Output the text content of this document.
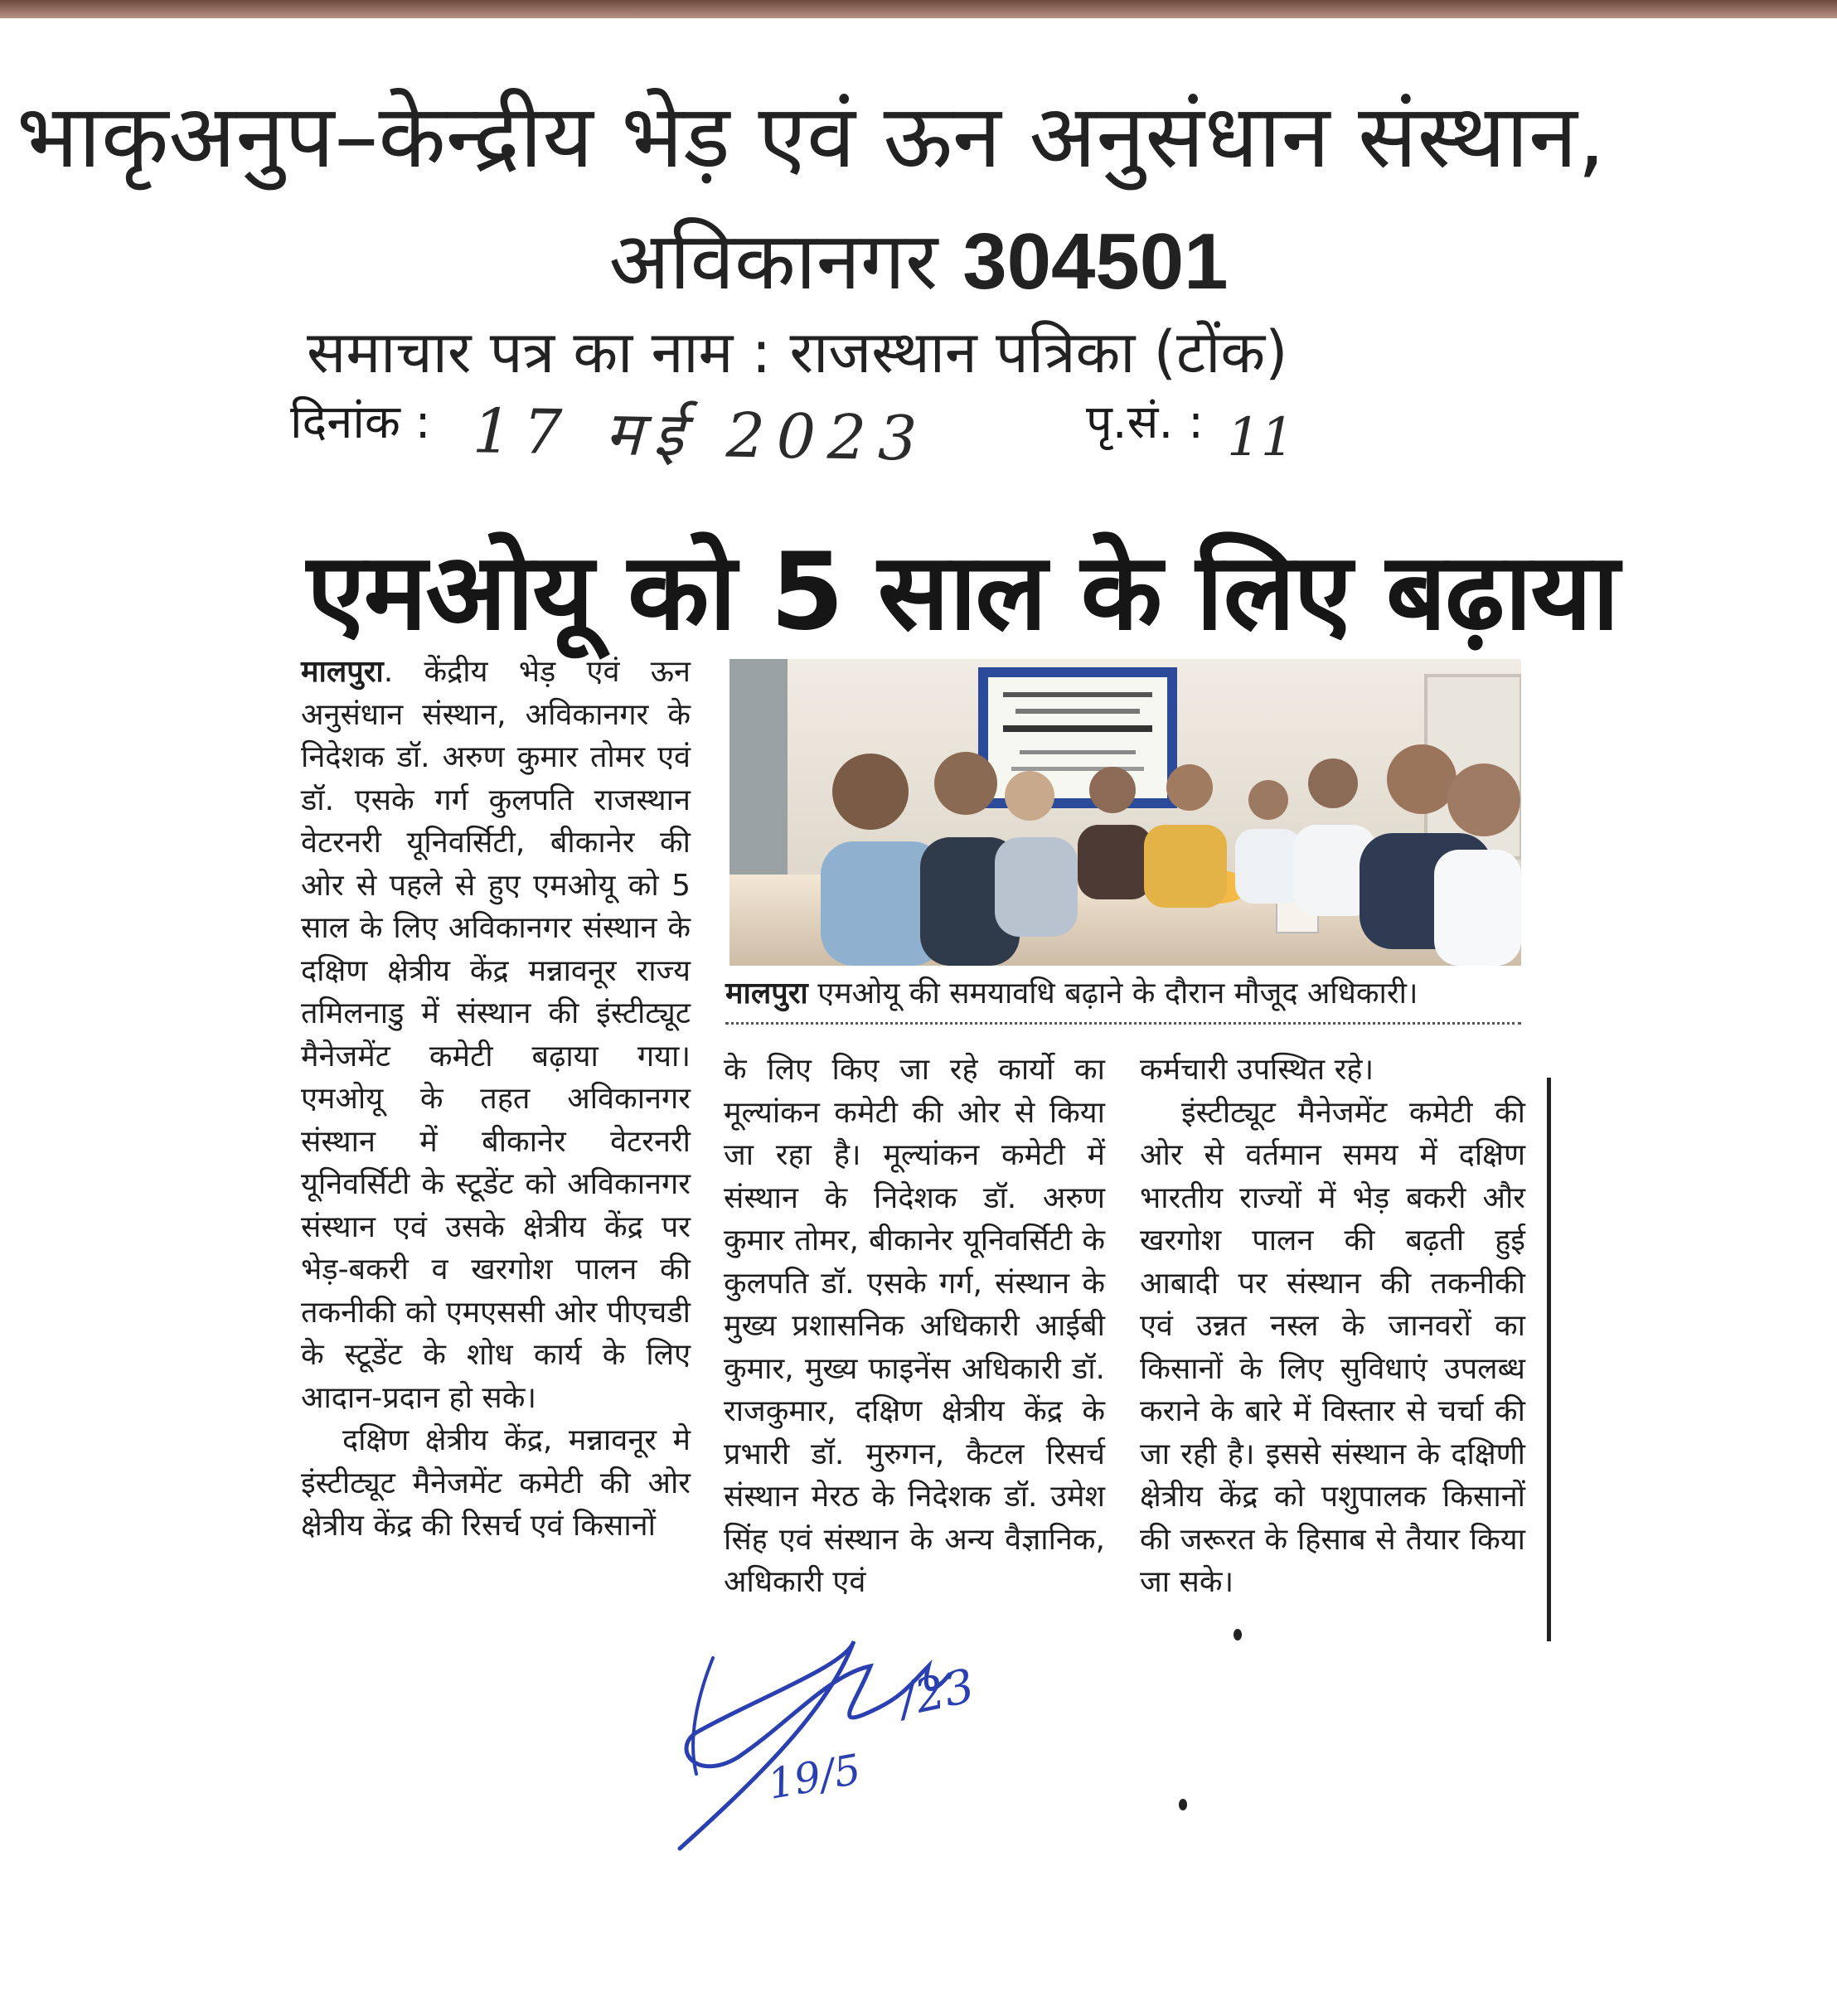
भाकृअनुप–केन्द्रीय भेड़ एवं ऊन अनुसंधान संस्थान,
अविकानगर 304501
समाचार पत्र का नाम : राजस्थान पत्रिका (टोंक)
दिनांक : 17 मई 2023	पृ.सं. : 11
एमओयू को 5 साल के लिए बढ़ाया

मालपुरा. केंद्रीय भेड़ एवं ऊन अनुसंधान संस्थान, अविकानगर के निदेशक डॉ. अरुण कुमार तोमर एवं डॉ. एसके गर्ग कुलपति राजस्थान वेटरनरी यूनिवर्सिटी, बीकानेर की ओर से पहले से हुए एमओयू को 5 साल के लिए अविकानगर संस्थान के दक्षिण क्षेत्रीय केंद्र मन्नावनूर राज्य तमिलनाडु में संस्थान की इंस्टीट्यूट मैनेजमेंट कमेटी बढ़ाया गया। एमओयू के तहत अविकानगर संस्थान में बीकानेर वेटरनरी यूनिवर्सिटी के स्टूडेंट को अविकानगर संस्थान एवं उसके क्षेत्रीय केंद्र पर भेड़-बकरी व खरगोश पालन की तकनीकी को एमएससी ओर पीएचडी के स्टूडेंट के शोध कार्य के लिए आदान-प्रदान हो सके।

दक्षिण क्षेत्रीय केंद्र, मन्नावनूर मे इंस्टीट्यूट मैनेजमेंट कमेटी की ओर क्षेत्रीय केंद्र की रिसर्च एवं किसानों

मालपुरा एमओयू की समयावधि बढ़ाने के दौरान मौजूद अधिकारी।

के लिए किए जा रहे कार्यो का मूल्यांकन कमेटी की ओर से किया जा रहा है। मूल्यांकन कमेटी में संस्थान के निदेशक डॉ. अरुण कुमार तोमर, बीकानेर यूनिवर्सिटी के कुलपति डॉ. एसके गर्ग, संस्थान के मुख्य प्रशासनिक अधिकारी आईबी कुमार, मुख्य फाइनेंस अधिकारी डॉ. राजकुमार, दक्षिण क्षेत्रीय केंद्र के प्रभारी डॉ. मुरुगन, कैटल रिसर्च संस्थान मेरठ के निदेशक डॉ. उमेश सिंह एवं संस्थान के अन्य वैज्ञानिक, अधिकारी एवं

कर्मचारी उपस्थित रहे।

इंस्टीट्यूट मैनेजमेंट कमेटी की ओर से वर्तमान समय में दक्षिण भारतीय राज्यों में भेड़ बकरी और खरगोश पालन की बढ़ती हुई आबादी पर संस्थान की तकनीकी एवं उन्नत नस्ल के जानवरों का किसानों के लिए सुविधाएं उपलब्ध कराने के बारे में विस्तार से चर्चा की जा रही है। इससे संस्थान के दक्षिणी क्षेत्रीय केंद्र को पशुपालक किसानों की जरूरत के हिसाब से तैयार किया जा सके।

/23
19/5
